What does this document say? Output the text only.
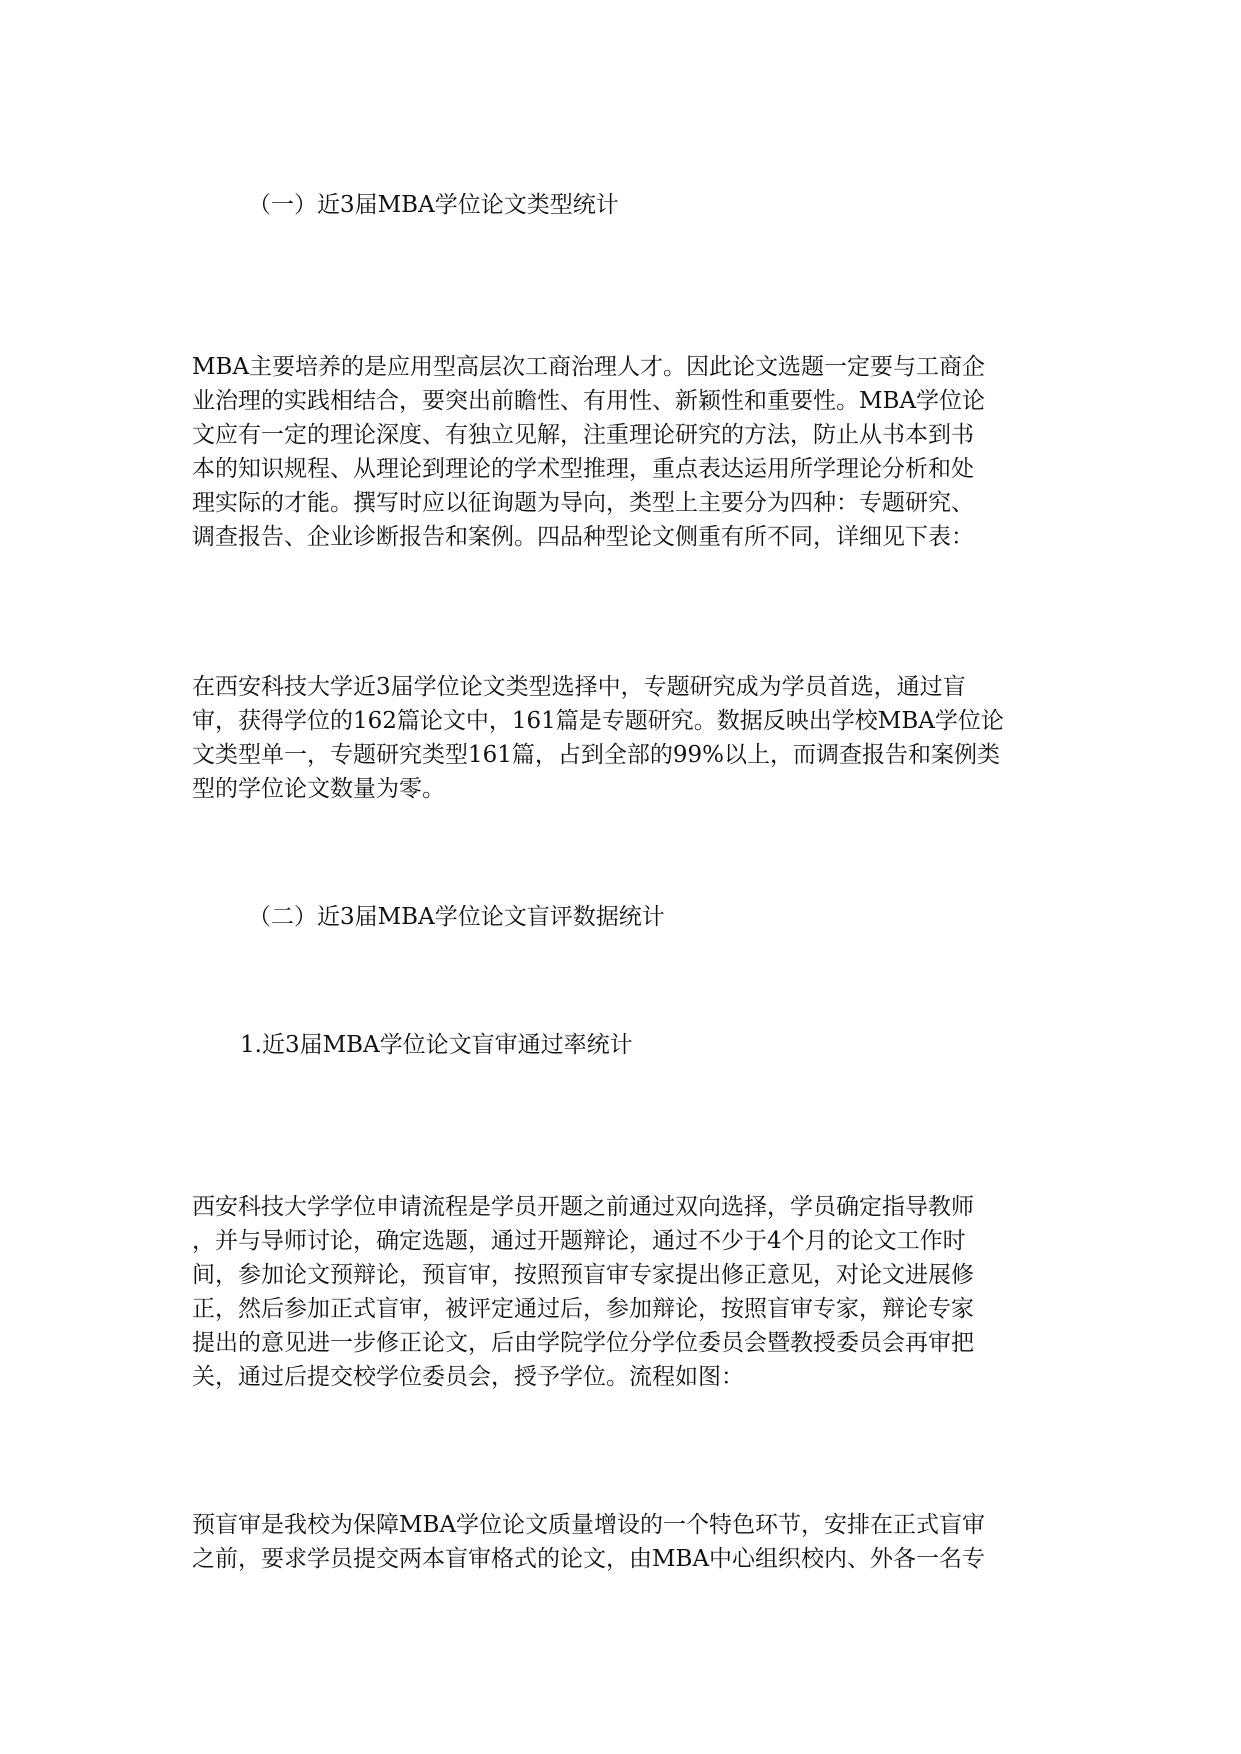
（一）近3届MBA学位论文类型统计
MBA主要培养的是应用型高层次工商治理人才。因此论文选题一定要与工商企
业治理的实践相结合，要突出前瞻性、有用性、新颖性和重要性。MBA学位论
文应有一定的理论深度、有独立见解，注重理论研究的方法，防止从书本到书
本的知识规程、从理论到理论的学术型推理，重点表达运用所学理论分析和处
理实际的才能。撰写时应以征询题为导向，类型上主要分为四种：专题研究、
调查报告、企业诊断报告和案例。四品种型论文侧重有所不同，详细见下表：
在西安科技大学近3届学位论文类型选择中，专题研究成为学员首选，通过盲
审，获得学位的162篇论文中，161篇是专题研究。数据反映出学校MBA学位论
文类型单一，专题研究类型161篇，占到全部的99%以上，而调查报告和案例类
型的学位论文数量为零。
（二）近3届MBA学位论文盲评数据统计
1.近3届MBA学位论文盲审通过率统计
西安科技大学学位申请流程是学员开题之前通过双向选择，学员确定指导教师
，并与导师讨论，确定选题，通过开题辩论，通过不少于4个月的论文工作时
间，参加论文预辩论，预盲审，按照预盲审专家提出修正意见，对论文进展修
正，然后参加正式盲审，被评定通过后，参加辩论，按照盲审专家，辩论专家
提出的意见进一步修正论文，后由学院学位分学位委员会暨教授委员会再审把
关，通过后提交校学位委员会，授予学位。流程如图：
预盲审是我校为保障MBA学位论文质量增设的一个特色环节，安排在正式盲审
之前，要求学员提交两本盲审格式的论文，由MBA中心组织校内、外各一名专
